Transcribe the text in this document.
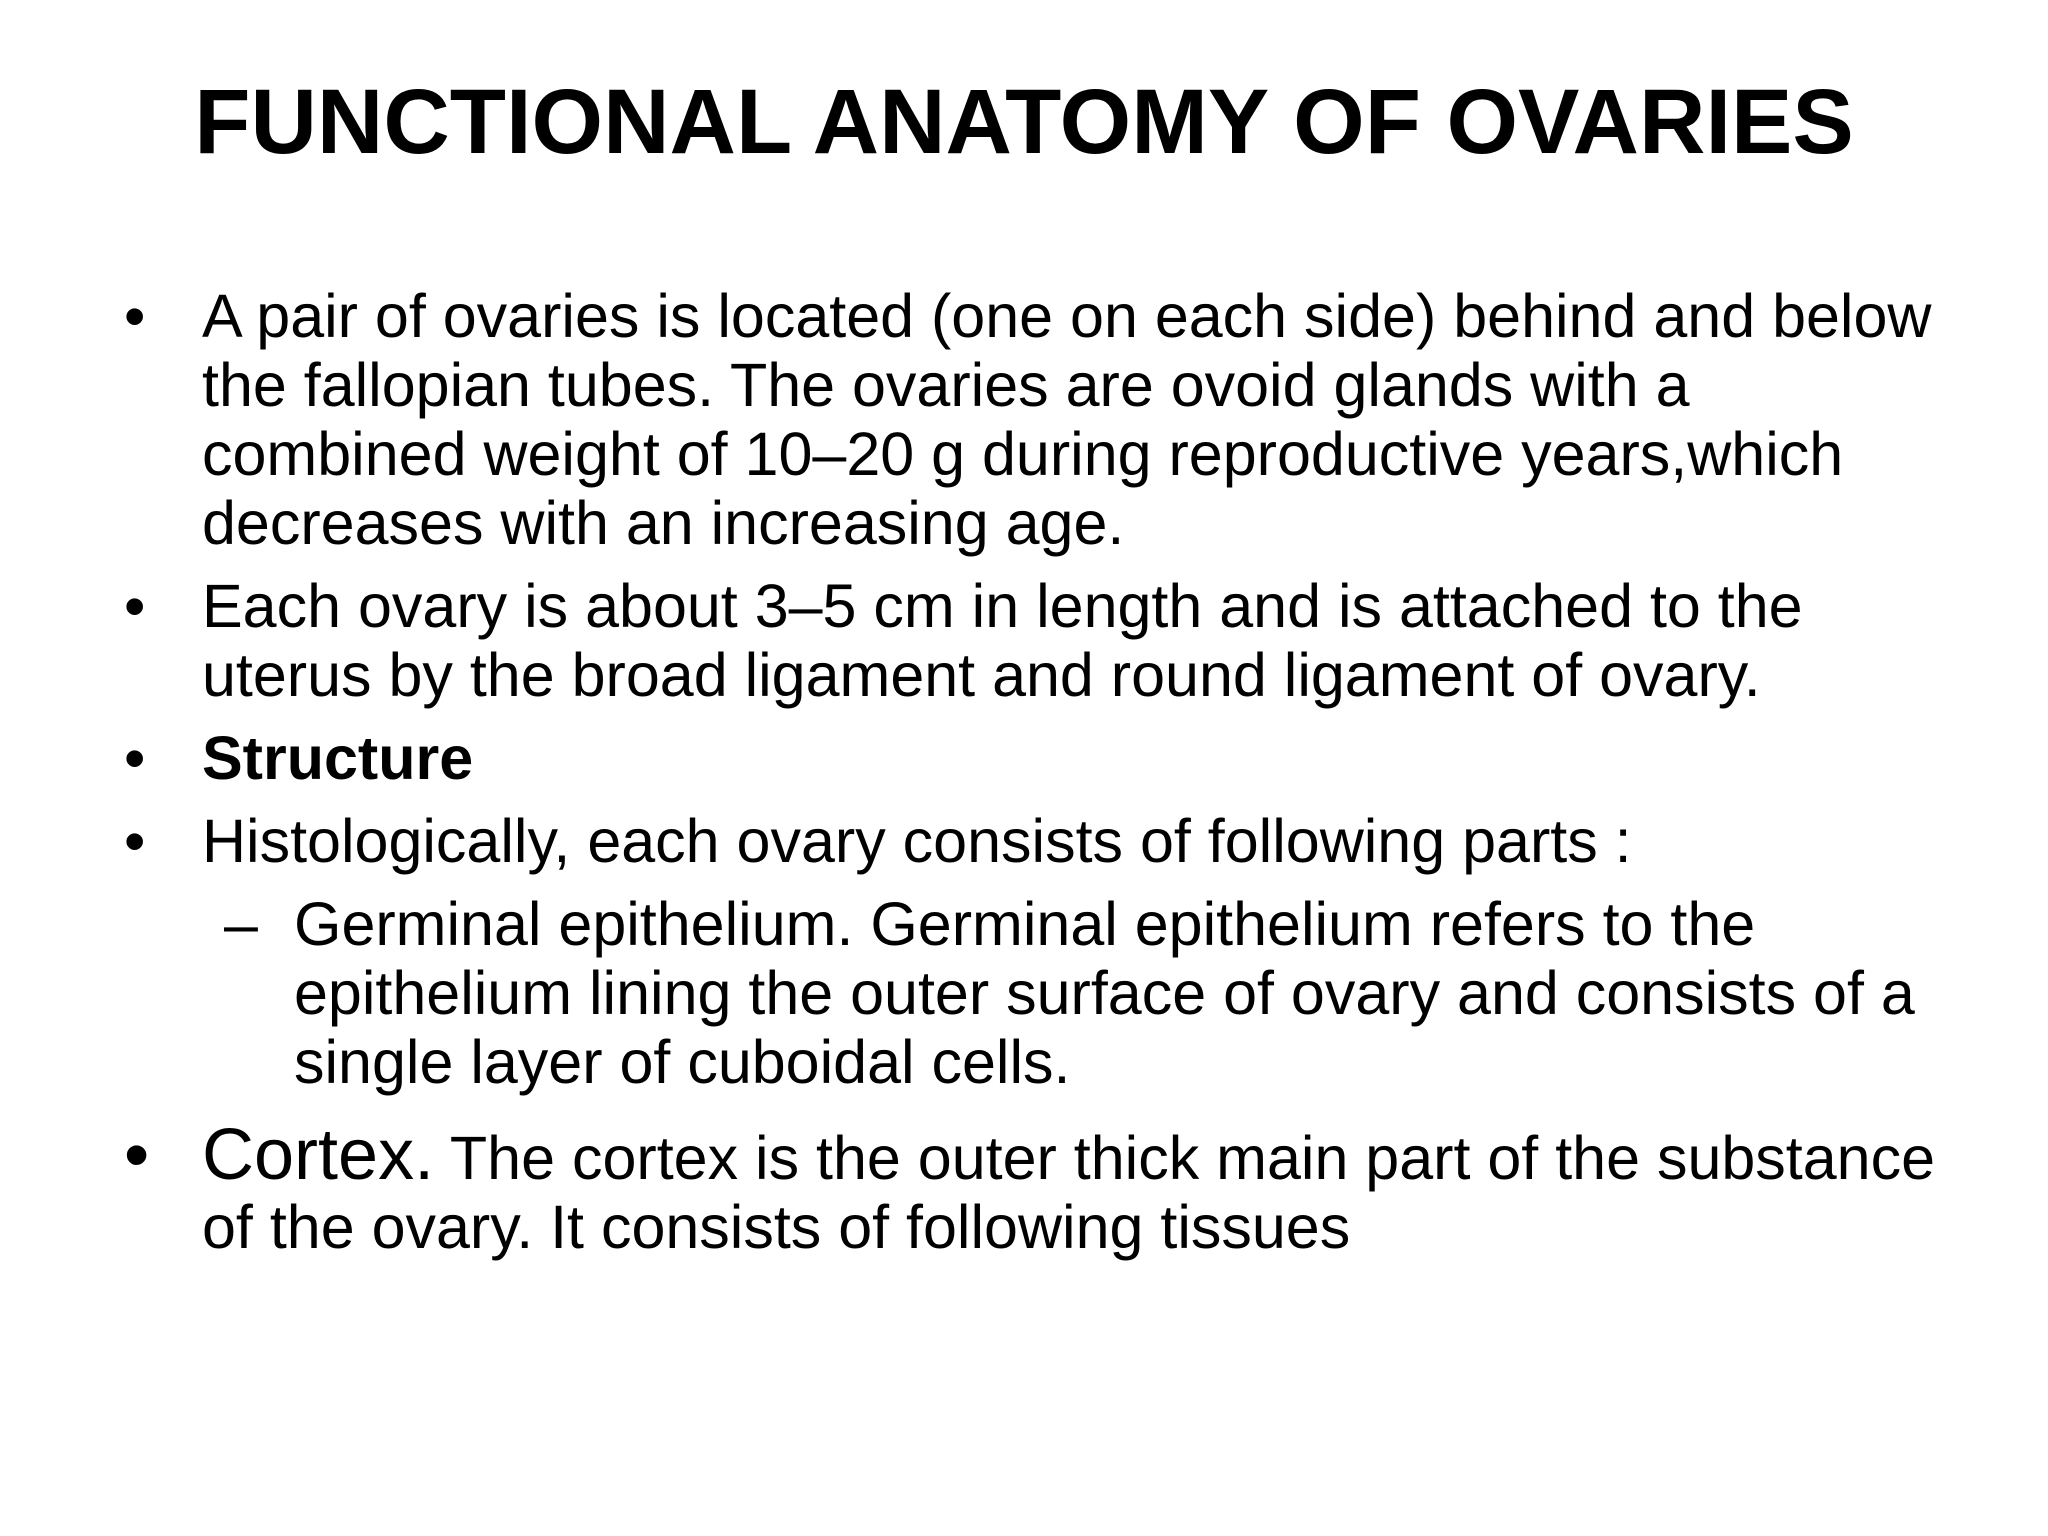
FUNCTIONAL ANATOMY OF OVARIES
• A pair of ovaries is located (one on each side) behind and below the fallopian tubes. The ovaries are ovoid glands with a combined weight of 10–20 g during reproductive years,which decreases with an increasing age.
• Each ovary is about 3–5 cm in length and is attached to the uterus by the broad ligament and round ligament of ovary.
• Structure
• Histologically, each ovary consists of following parts :
– Germinal epithelium. Germinal epithelium refers to the epithelium lining the outer surface of ovary and consists of a single layer of cuboidal cells.
• Cortex. The cortex is the outer thick main part of the substance of the ovary. It consists of following tissues
